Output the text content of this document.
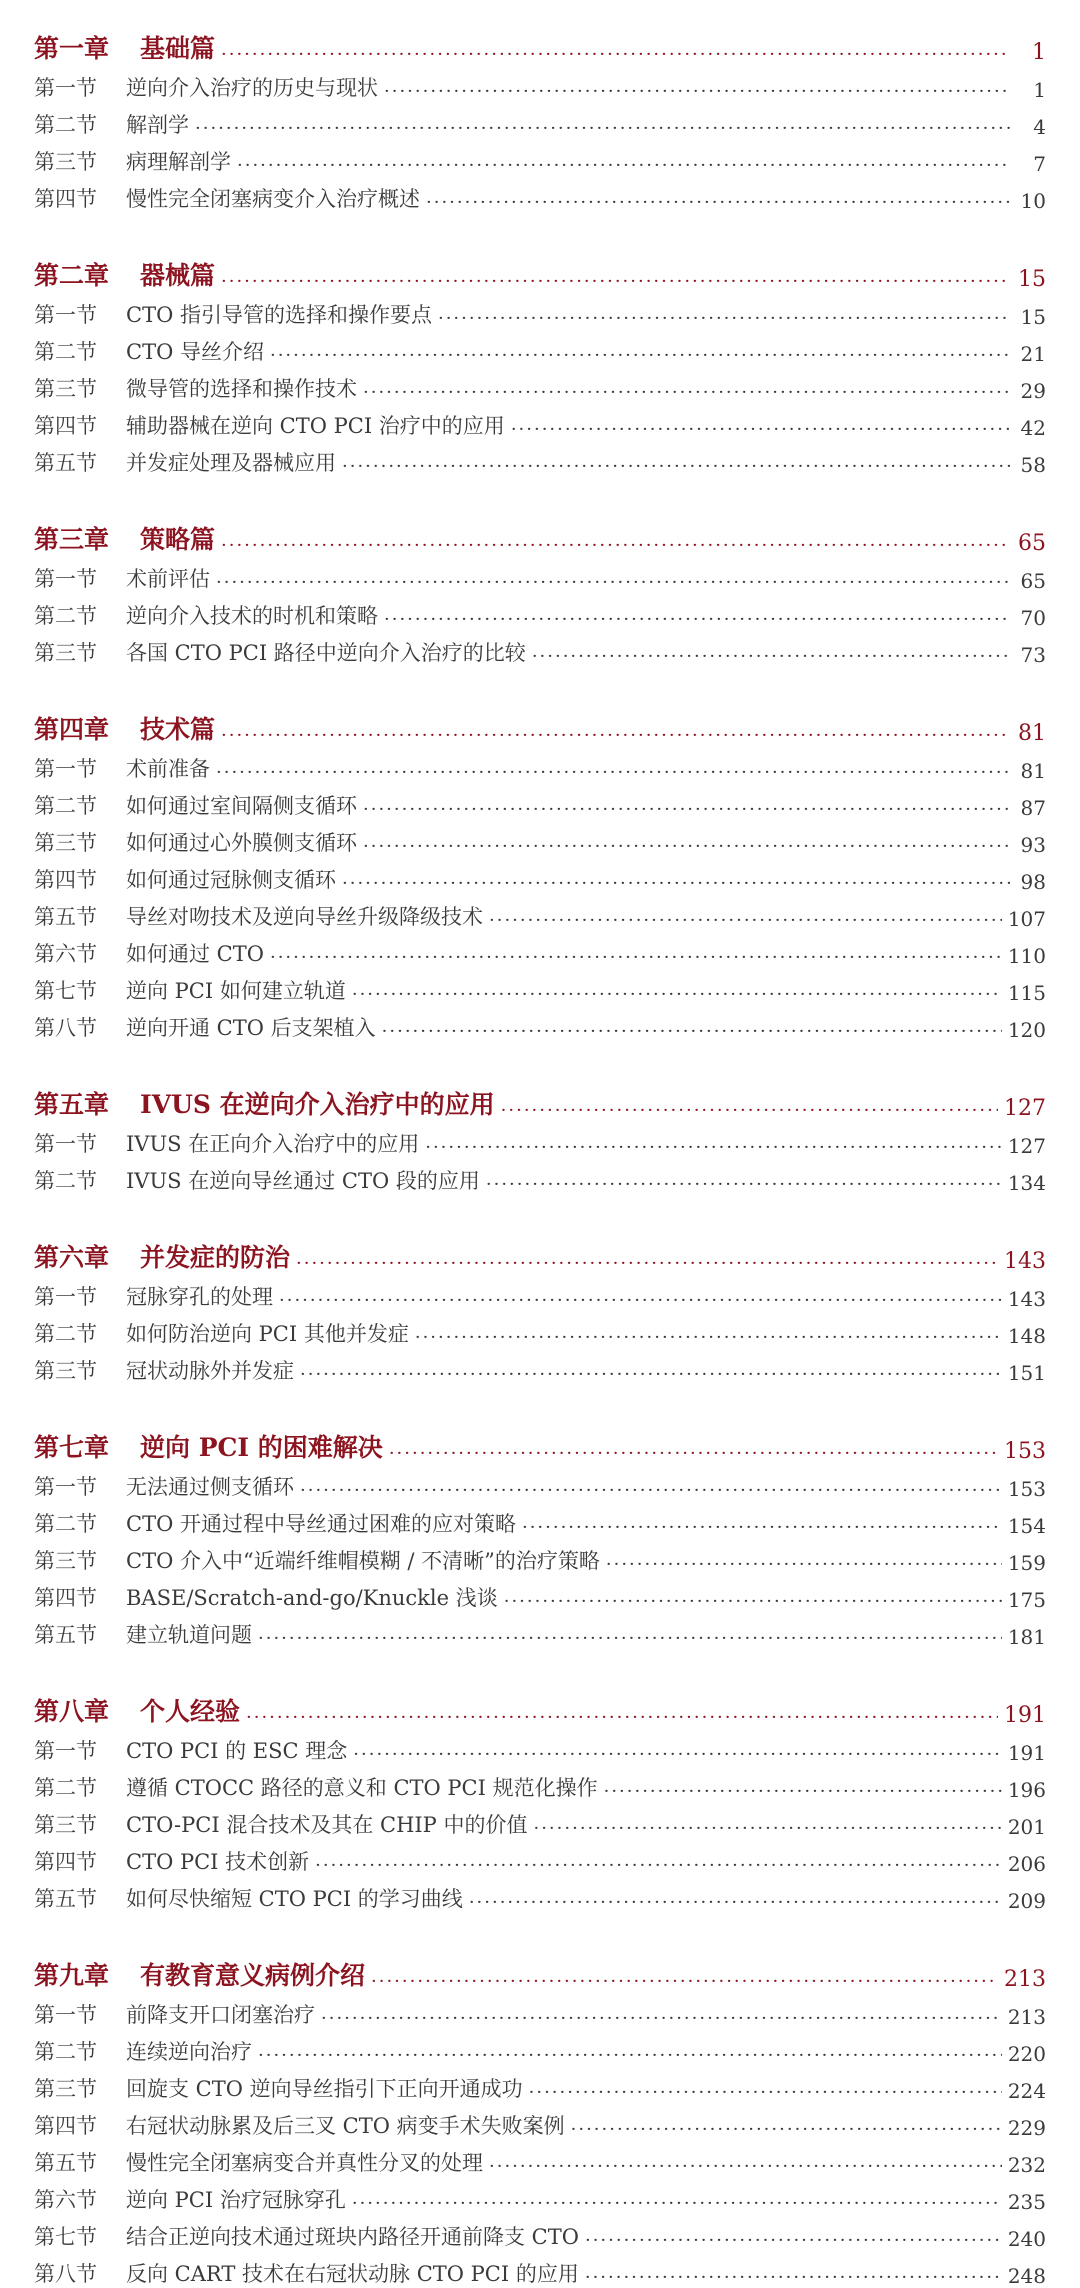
第一章	基础篇 ·····	1
第一节	逆向介入治疗的历史与现状 ·····	1
第二节	解剖学 ·····	4
第三节	病理解剖学 ·····	7
第四节	慢性完全闭塞病变介入治疗概述 ·····	10
第二章	器械篇 ·····	15
第一节	CTO 指引导管的选择和操作要点 ·····	15
第二节	CTO 导丝介绍 ·····	21
第三节	微导管的选择和操作技术 ·····	29
第四节	辅助器械在逆向 CTO PCI 治疗中的应用 ·····	42
第五节	并发症处理及器械应用 ·····	58
第三章	策略篇 ·····	65
第一节	术前评估 ·····	65
第二节	逆向介入技术的时机和策略 ·····	70
第三节	各国 CTO PCI 路径中逆向介入治疗的比较 ·····	73
第四章	技术篇 ·····	81
第一节	术前准备 ·····	81
第二节	如何通过室间隔侧支循环 ·····	87
第三节	如何通过心外膜侧支循环 ·····	93
第四节	如何通过冠脉侧支循环 ·····	98
第五节	导丝对吻技术及逆向导丝升级降级技术 ·····	107
第六节	如何通过 CTO ·····	110
第七节	逆向 PCI 如何建立轨道 ·····	115
第八节	逆向开通 CTO 后支架植入 ·····	120
第五章	IVUS 在逆向介入治疗中的应用 ·····	127
第一节	IVUS 在正向介入治疗中的应用 ·····	127
第二节	IVUS 在逆向导丝通过 CTO 段的应用 ·····	134
第六章	并发症的防治 ·····	143
第一节	冠脉穿孔的处理 ·····	143
第二节	如何防治逆向 PCI 其他并发症 ·····	148
第三节	冠状动脉外并发症 ·····	151
第七章	逆向 PCI 的困难解决 ·····	153
第一节	无法通过侧支循环 ·····	153
第二节	CTO 开通过程中导丝通过困难的应对策略 ·····	154
第三节	CTO 介入中“近端纤维帽模糊 / 不清晰”的治疗策略 ·····	159
第四节	BASE/Scratch-and-go/Knuckle 浅谈 ·····	175
第五节	建立轨道问题 ·····	181
第八章	个人经验 ·····	191
第一节	CTO PCI 的 ESC 理念 ·····	191
第二节	遵循 CTOCC 路径的意义和 CTO PCI 规范化操作 ·····	196
第三节	CTO-PCI 混合技术及其在 CHIP 中的价值 ·····	201
第四节	CTO PCI 技术创新 ·····	206
第五节	如何尽快缩短 CTO PCI 的学习曲线 ·····	209
第九章	有教育意义病例介绍 ·····	213
第一节	前降支开口闭塞治疗 ·····	213
第二节	连续逆向治疗 ·····	220
第三节	回旋支 CTO 逆向导丝指引下正向开通成功 ·····	224
第四节	右冠状动脉累及后三叉 CTO 病变手术失败案例 ·····	229
第五节	慢性完全闭塞病变合并真性分叉的处理 ·····	232
第六节	逆向 PCI 治疗冠脉穿孔 ·····	235
第七节	结合正逆向技术通过斑块内路径开通前降支 CTO ·····	240
第八节	反向 CART 技术在右冠状动脉 CTO PCI 的应用 ·····	248
